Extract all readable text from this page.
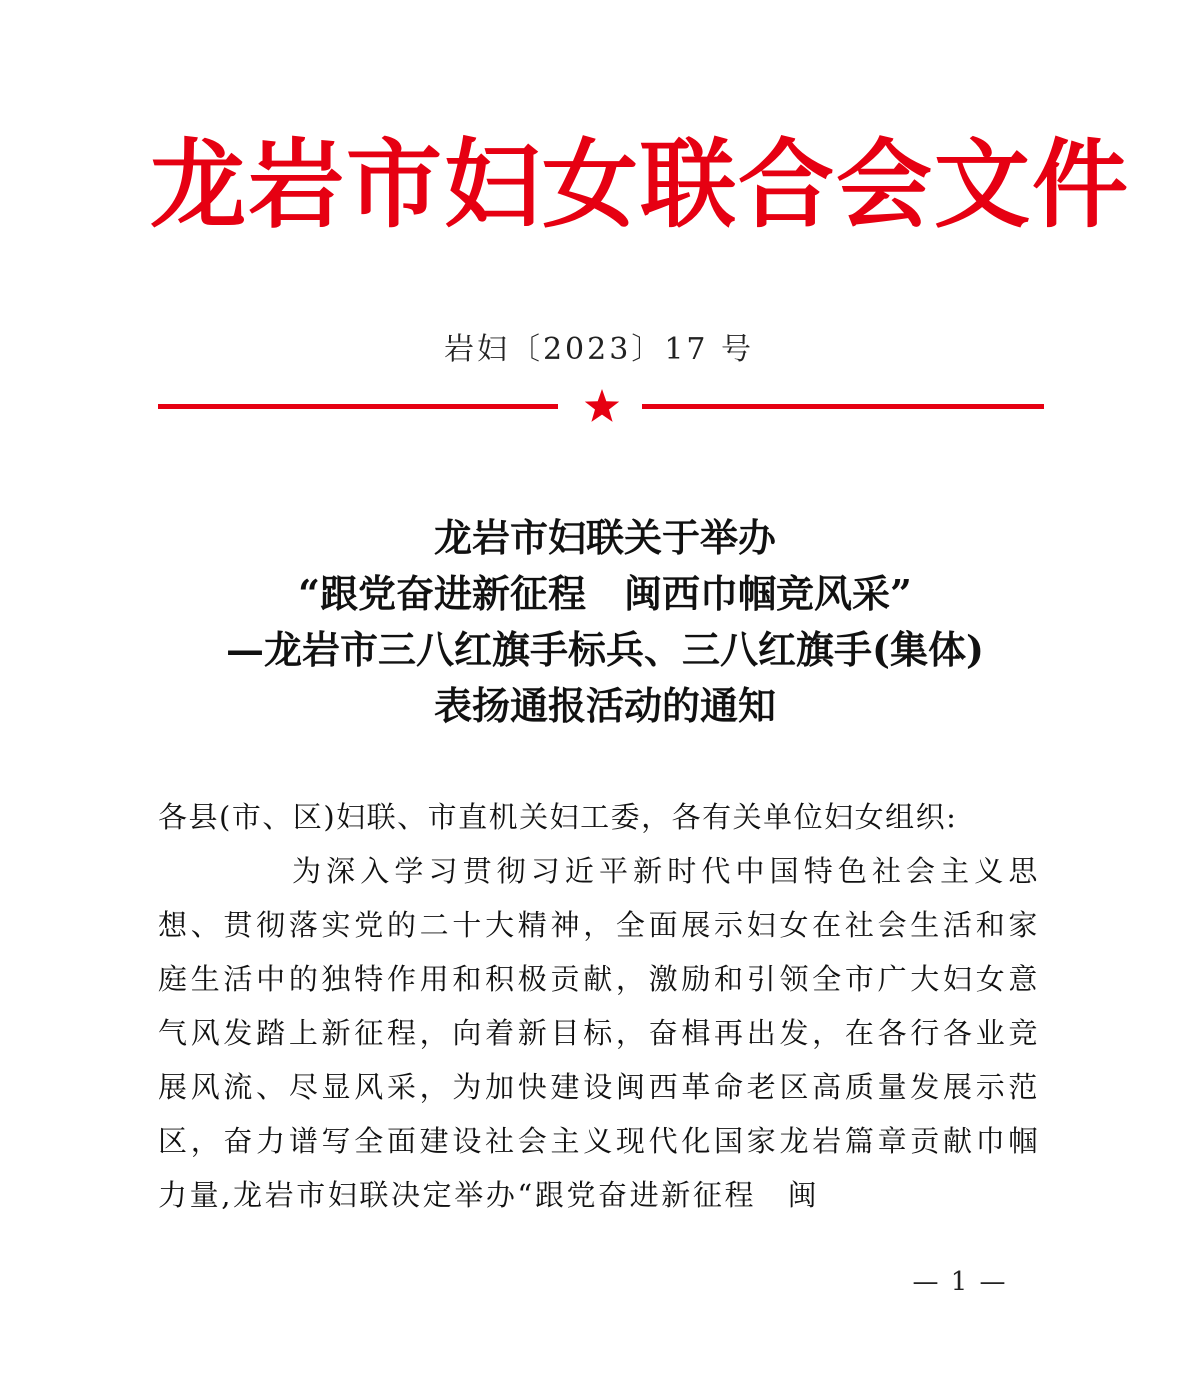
龙岩市妇女联合会文件
岩妇〔2023〕17 号
龙岩市妇联关于举办
“跟党奋进新征程　闽西巾帼竞风采”
—龙岩市三八红旗手标兵、三八红旗手(集体)
表扬通报活动的通知
各县(市、区)妇联、市直机关妇工委，各有关单位妇女组织:
为深入学习贯彻习近平新时代中国特色社会主义思想、贯彻落实党的二十大精神，全面展示妇女在社会生活和家庭生活中的独特作用和积极贡献，激励和引领全市广大妇女意气风发踏上新征程，向着新目标，奋楫再出发，在各行各业竞展风流、尽显风采，为加快建设闽西革命老区高质量发展示范区，奋力谱写全面建设社会主义现代化国家龙岩篇章贡献巾帼力量,龙岩市妇联决定举办“跟党奋进新征程　闽
— 1 —
